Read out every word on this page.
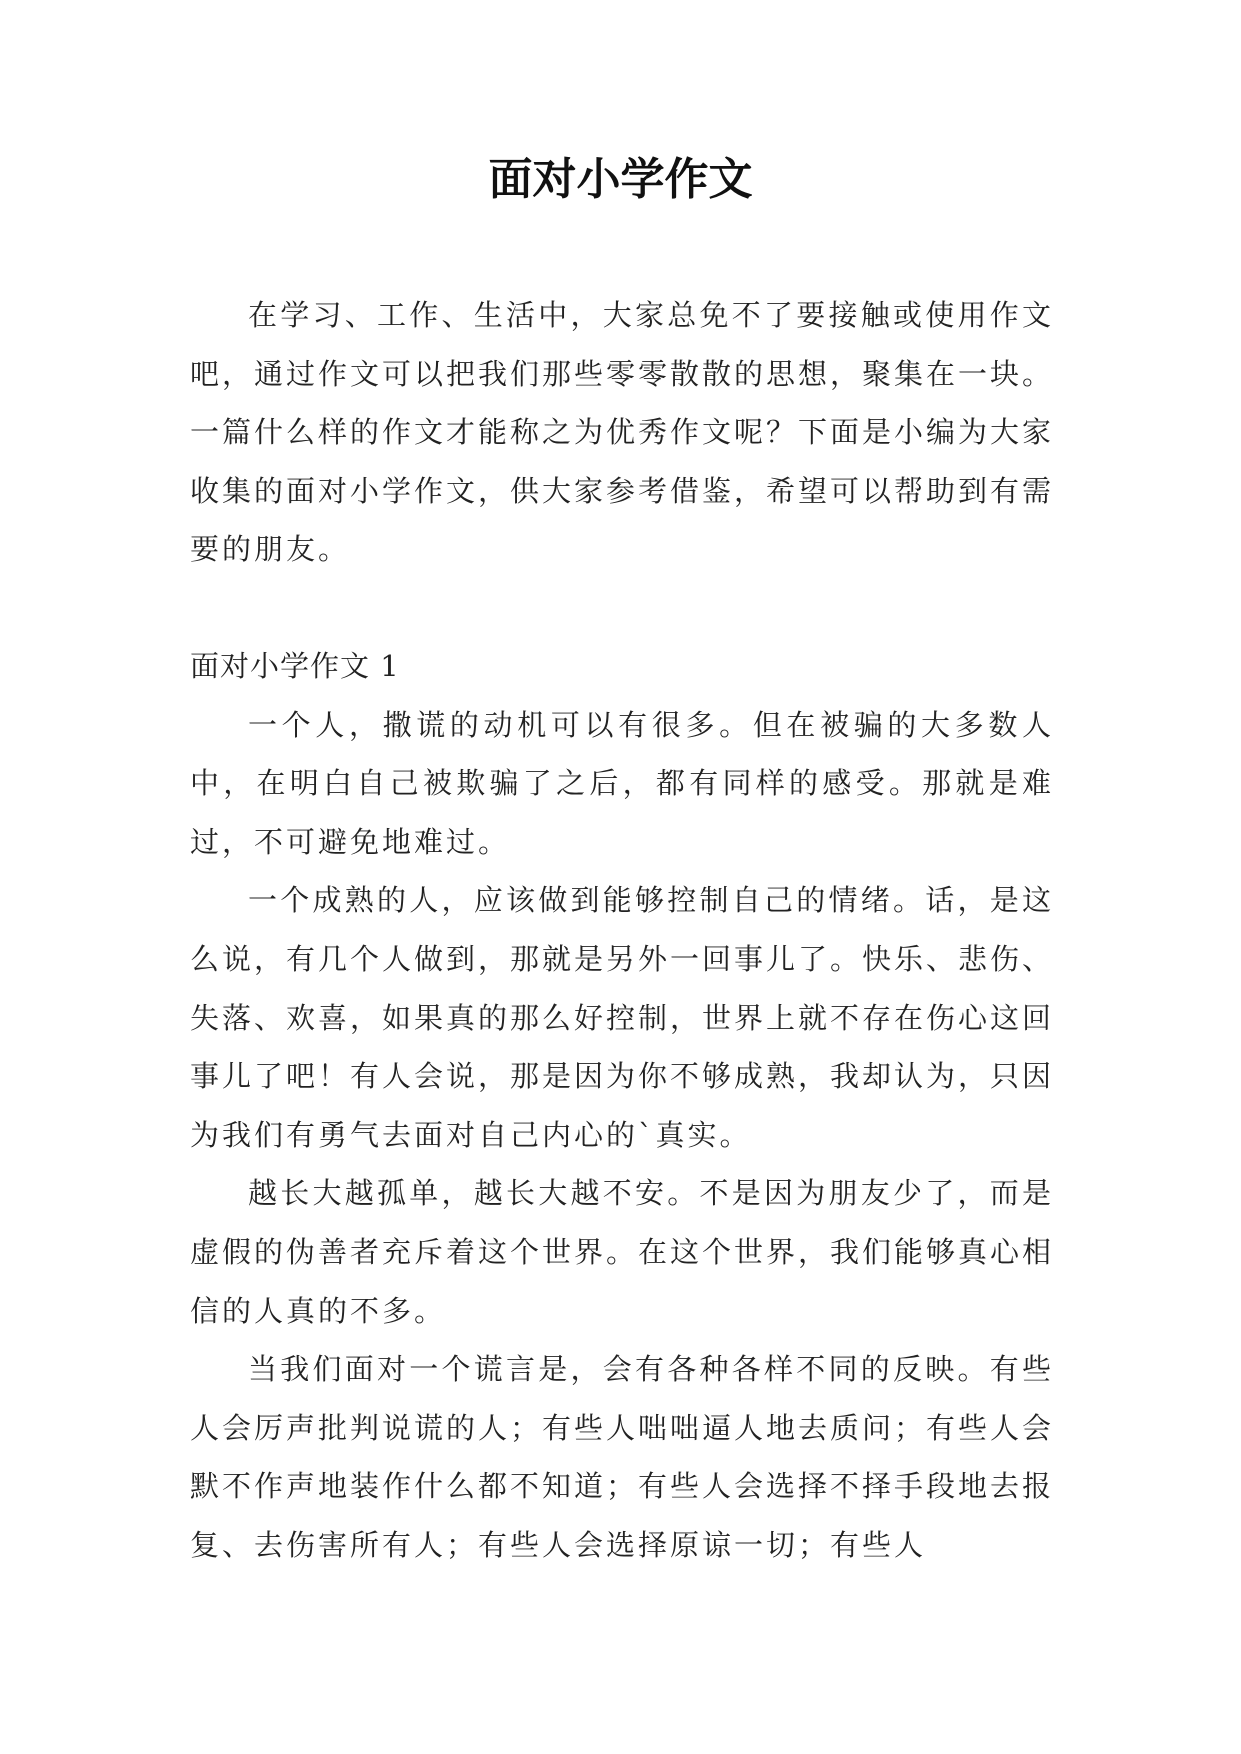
面对小学作文

在学习、工作、生活中，大家总免不了要接触或使用作文吧，通过作文可以把我们那些零零散散的思想，聚集在一块。一篇什么样的作文才能称之为优秀作文呢？下面是小编为大家收集的面对小学作文，供大家参考借鉴，希望可以帮助到有需要的朋友。

面对小学作文 1

一个人，撒谎的动机可以有很多。但在被骗的大多数人中，在明白自己被欺骗了之后，都有同样的感受。那就是难过，不可避免地难过。

一个成熟的人，应该做到能够控制自己的情绪。话，是这么说，有几个人做到，那就是另外一回事儿了。快乐、悲伤、失落、欢喜，如果真的那么好控制，世界上就不存在伤心这回事儿了吧！有人会说，那是因为你不够成熟，我却认为，只因为我们有勇气去面对自己内心的`真实。

越长大越孤单，越长大越不安。不是因为朋友少了，而是虚假的伪善者充斥着这个世界。在这个世界，我们能够真心相信的人真的不多。

当我们面对一个谎言是，会有各种各样不同的反映。有些人会厉声批判说谎的人；有些人咄咄逼人地去质问；有些人会默不作声地装作什么都不知道；有些人会选择不择手段地去报复、去伤害所有人；有些人会选择原谅一切；有些人
